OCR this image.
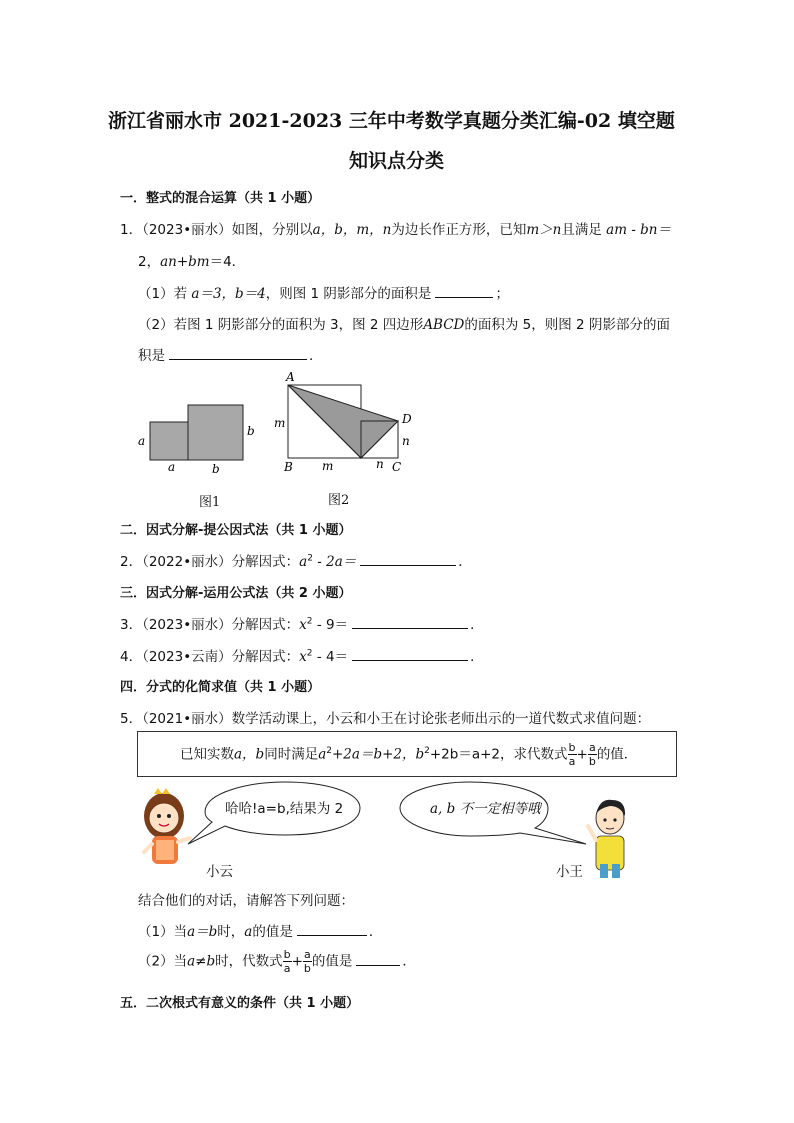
浙江省丽水市 2021-2023 三年中考数学真题分类汇编-02 填空题
知识点分类
一．整式的混合运算（共 1 小题）
1．（2023•丽水）如图，分别以a，b，m，n为边长作正方形，已知m＞n且满足 am - bn＝
2，an+bm＝4．
（1）若 a＝3，b＝4，则图 1 阴影部分的面积是	；
（2）若图 1 阴影部分的面积为 3，图 2 四边形ABCD的面积为 5，则图 2 阴影部分的面
积是	．
a
a
b
b
图1
A
B	C
D
m
m
n
n
图2
二．因式分解-提公因式法（共 1 小题）
2．（2022•丽水）分解因式：$a^2 - 2a=$	．
三．因式分解-运用公式法（共 2 小题）
3．（2023•丽水）分解因式：$x^2 - 9=$	．
4．（2023•云南）分解因式：$x^2 - 4=$	．
四．分式的化简求值（共 1 小题）
5．（2021•丽水）数学活动课上，小云和小王在讨论张老师出示的一道代数式求值问题：
已知实数a，b同时满足$a^2+2a=b+2$，$b^2+2b=a+2$，求代数式 $\frac{b}{a} + \frac{a}{b}$ 的值．
哈哈!a=b,结果为 2	a, b 不一定相等哦
小云	小王
结合他们的对话，请解答下列问题：
（1）当a＝b时，a的值是	．
（2）当a≠b时，代数式 $\frac{b}{a} + \frac{a}{b}$ 的值是	．
五．二次根式有意义的条件（共 1 小题）
